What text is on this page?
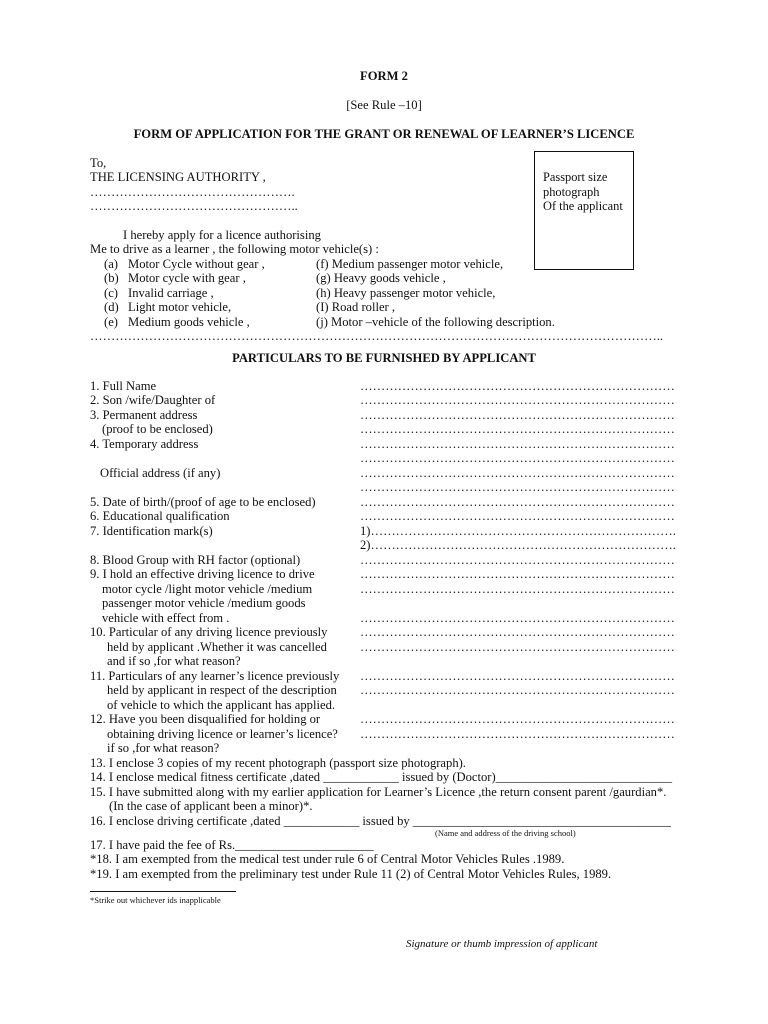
FORM 2
[See Rule –10]
FORM OF APPLICATION FOR THE GRANT OR RENEWAL OF LEARNER’S LICENCE
To,
THE LICENSING AUTHORITY ,
………………………………………….
…………………………………………..
Passport size
photograph
Of the applicant
I hereby apply for a licence authorising
Me to drive as a learner , the following motor vehicle(s) :
(a) Motor Cycle without gear ,
(b) Motor cycle with gear ,
(c) Invalid carriage ,
(d) Light motor vehicle,
(e) Medium goods vehicle ,
(f) Medium passenger motor vehicle,
(g) Heavy goods vehicle ,
(h) Heavy passenger motor vehicle,
(I) Road roller ,
(j) Motor –vehicle of the following description.
………………………………………………………………………………………………………………………..
PARTICULARS TO BE FURNISHED BY APPLICANT
1. Full Name
2. Son /wife/Daughter of
3. Permanent address
(proof to be enclosed)
4. Temporary address
Official address (if any)
5. Date of birth/(proof of age to be enclosed)
6. Educational qualification
7. Identification mark(s)
8. Blood Group with RH factor (optional)
9. I hold an effective driving licence to drive
motor cycle /light motor vehicle /medium
passenger motor vehicle /medium goods
vehicle with effect from .
10. Particular of any driving licence previously
held by applicant .Whether it was cancelled
and if so ,for what reason?
11. Particulars of any learner’s licence previously
held by applicant in respect of the description
of vehicle to which the applicant has applied.
12. Have you been disqualified for holding or
obtaining driving licence or learner’s licence?
if so ,for what reason?
…………………………………………………………………
…………………………………………………………………
…………………………………………………………………
…………………………………………………………………
…………………………………………………………………
…………………………………………………………………
…………………………………………………………………
…………………………………………………………………
…………………………………………………………………
…………………………………………………………………
1)……………………………………………………………….
2)……………………………………………………………….
…………………………………………………………………
…………………………………………………………………
…………………………………………………………………
…………………………………………………………………
…………………………………………………………………
…………………………………………………………………
…………………………………………………………………
…………………………………………………………………
…………………………………………………………………
…………………………………………………………………
13. I enclose 3 copies of my recent photograph (passport size photograph).
14. I enclose medical fitness certificate ,dated ____________ issued by (Doctor)____________________________
15. I have submitted along with my earlier application for Learner’s Licence ,the return consent parent /gaurdian*.
(In the case of applicant been a minor)*.
16. I enclose driving certificate ,dated ____________ issued by _________________________________________
(Name and address of the driving school)
17. I have paid the fee of Rs.______________________
*18. I am exempted from the medical test under rule 6 of Central Motor Vehicles Rules .1989.
*19. I am exempted from the preliminary test under Rule 11 (2) of Central Motor Vehicles Rules, 1989.
*Strike out whichever ids inapplicable
Signature or thumb impression of applicant
